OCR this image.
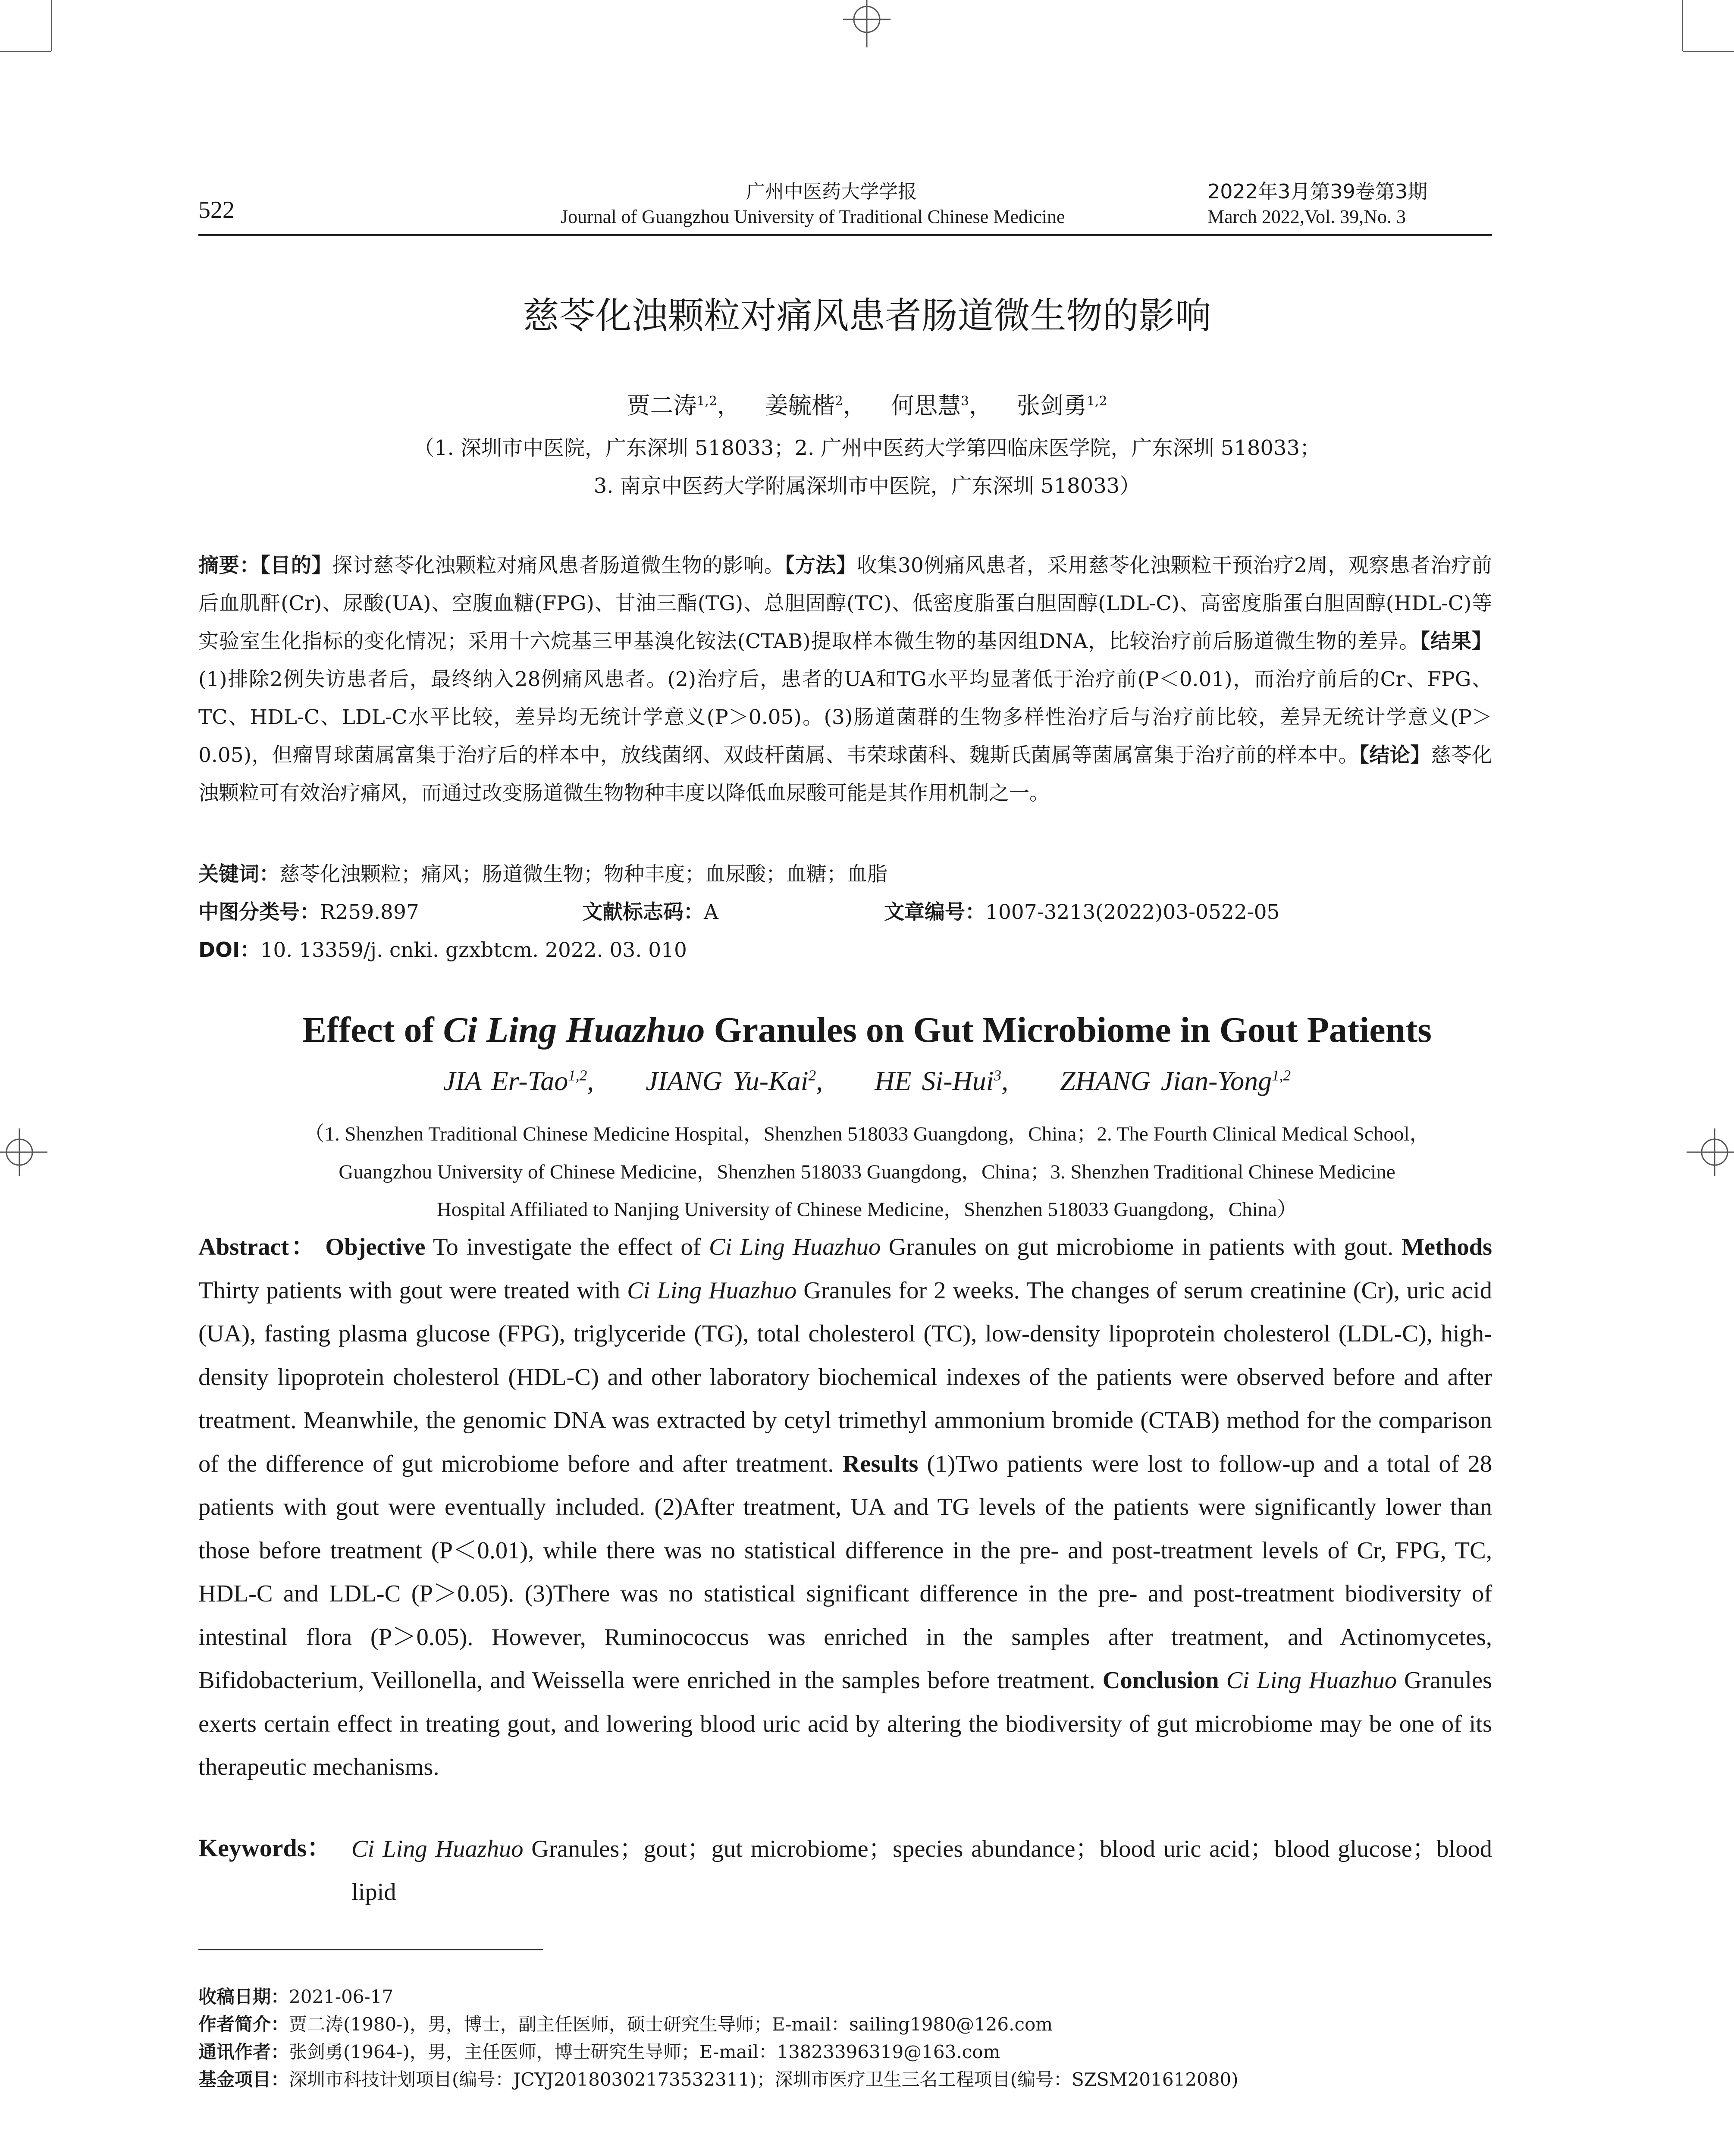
522
广州中医药大学学报
Journal of Guangzhou University of Traditional Chinese Medicine
2022年3月第39卷第3期
March 2022,Vol. 39,No. 3
慈苓化浊颗粒对痛风患者肠道微生物的影响
贾二涛$^{1,2}$， 姜毓楷$^2$， 何思慧$^3$， 张剑勇$^{1,2}$
（1. 深圳市中医院，广东深圳 518033；2. 广州中医药大学第四临床医学院，广东深圳 518033；
3. 南京中医药大学附属深圳市中医院，广东深圳 518033）
摘要：【目的】探讨慈苓化浊颗粒对痛风患者肠道微生物的影响。【方法】收集30例痛风患者，采用慈苓化浊颗粒干预治疗2周，观察患者治疗前后血肌酐(Cr)、尿酸(UA)、空腹血糖(FPG)、甘油三酯(TG)、总胆固醇(TC)、低密度脂蛋白胆固醇(LDL-C)、高密度脂蛋白胆固醇(HDL-C)等实验室生化指标的变化情况；采用十六烷基三甲基溴化铵法(CTAB)提取样本微生物的基因组DNA，比较治疗前后肠道微生物的差异。【结果】(1)排除2例失访患者后，最终纳入28例痛风患者。(2)治疗后，患者的UA和TG水平均显著低于治疗前(P＜0.01)，而治疗前后的Cr、FPG、TC、HDL-C、LDL-C水平比较，差异均无统计学意义(P＞0.05)。(3)肠道菌群的生物多样性治疗后与治疗前比较，差异无统计学意义(P＞0.05)，但瘤胃球菌属富集于治疗后的样本中，放线菌纲、双歧杆菌属、韦荣球菌科、魏斯氏菌属等菌属富集于治疗前的样本中。【结论】慈苓化浊颗粒可有效治疗痛风，而通过改变肠道微生物物种丰度以降低血尿酸可能是其作用机制之一。
关键词：慈苓化浊颗粒；痛风；肠道微生物；物种丰度；血尿酸；血糖；血脂
中图分类号：R259.897	文献标志码：A	文章编号：1007-3213(2022)03-0522-05
DOI：10. 13359/j. cnki. gzxbtcm. 2022. 03. 010
Effect of Ci Ling Huazhuo Granules on Gut Microbiome in Gout Patients
JIA Er-Tao$^{1,2}$,     JIANG Yu-Kai$^2$,     HE Si-Hui$^3$,     ZHANG Jian-Yong$^{1,2}$
（1. Shenzhen Traditional Chinese Medicine Hospital，Shenzhen 518033 Guangdong，China；2. The Fourth Clinical Medical School，
Guangzhou University of Chinese Medicine，Shenzhen 518033 Guangdong，China；3. Shenzhen Traditional Chinese Medicine
Hospital Affiliated to Nanjing University of Chinese Medicine，Shenzhen 518033 Guangdong，China）
Abstract： Objective To investigate the effect of Ci Ling Huazhuo Granules on gut microbiome in patients with gout. Methods Thirty patients with gout were treated with Ci Ling Huazhuo Granules for 2 weeks. The changes of serum creatinine (Cr), uric acid (UA), fasting plasma glucose (FPG), triglyceride (TG), total cholesterol (TC), low-density lipoprotein cholesterol (LDL-C), high-density lipoprotein cholesterol (HDL-C) and other laboratory biochemical indexes of the patients were observed before and after treatment. Meanwhile, the genomic DNA was extracted by cetyl trimethyl ammonium bromide (CTAB) method for the comparison of the difference of gut microbiome before and after treatment. Results (1)Two patients were lost to follow-up and a total of 28 patients with gout were eventually included. (2)After treatment, UA and TG levels of the patients were significantly lower than those before treatment (P＜0.01), while there was no statistical difference in the pre- and post-treatment levels of Cr, FPG, TC, HDL-C and LDL-C (P＞0.05). (3)There was no statistical significant difference in the pre- and post-treatment biodiversity of intestinal flora (P＞0.05). However, Ruminococcus was enriched in the samples after treatment, and Actinomycetes, Bifidobacterium, Veillonella, and Weissella were enriched in the samples before treatment. Conclusion Ci Ling Huazhuo Granules exerts certain effect in treating gout, and lowering blood uric acid by altering the biodiversity of gut microbiome may be one of its therapeutic mechanisms.
Keywords： Ci Ling Huazhuo Granules；gout；gut microbiome；species abundance；blood uric acid；blood glucose；blood lipid
收稿日期：2021-06-17
作者简介：贾二涛(1980-)，男，博士，副主任医师，硕士研究生导师；E-mail：sailing1980@126.com
通讯作者：张剑勇(1964-)，男，主任医师，博士研究生导师；E-mail：13823396319@163.com
基金项目：深圳市科技计划项目(编号：JCYJ20180302173532311)；深圳市医疗卫生三名工程项目(编号：SZSM201612080)
